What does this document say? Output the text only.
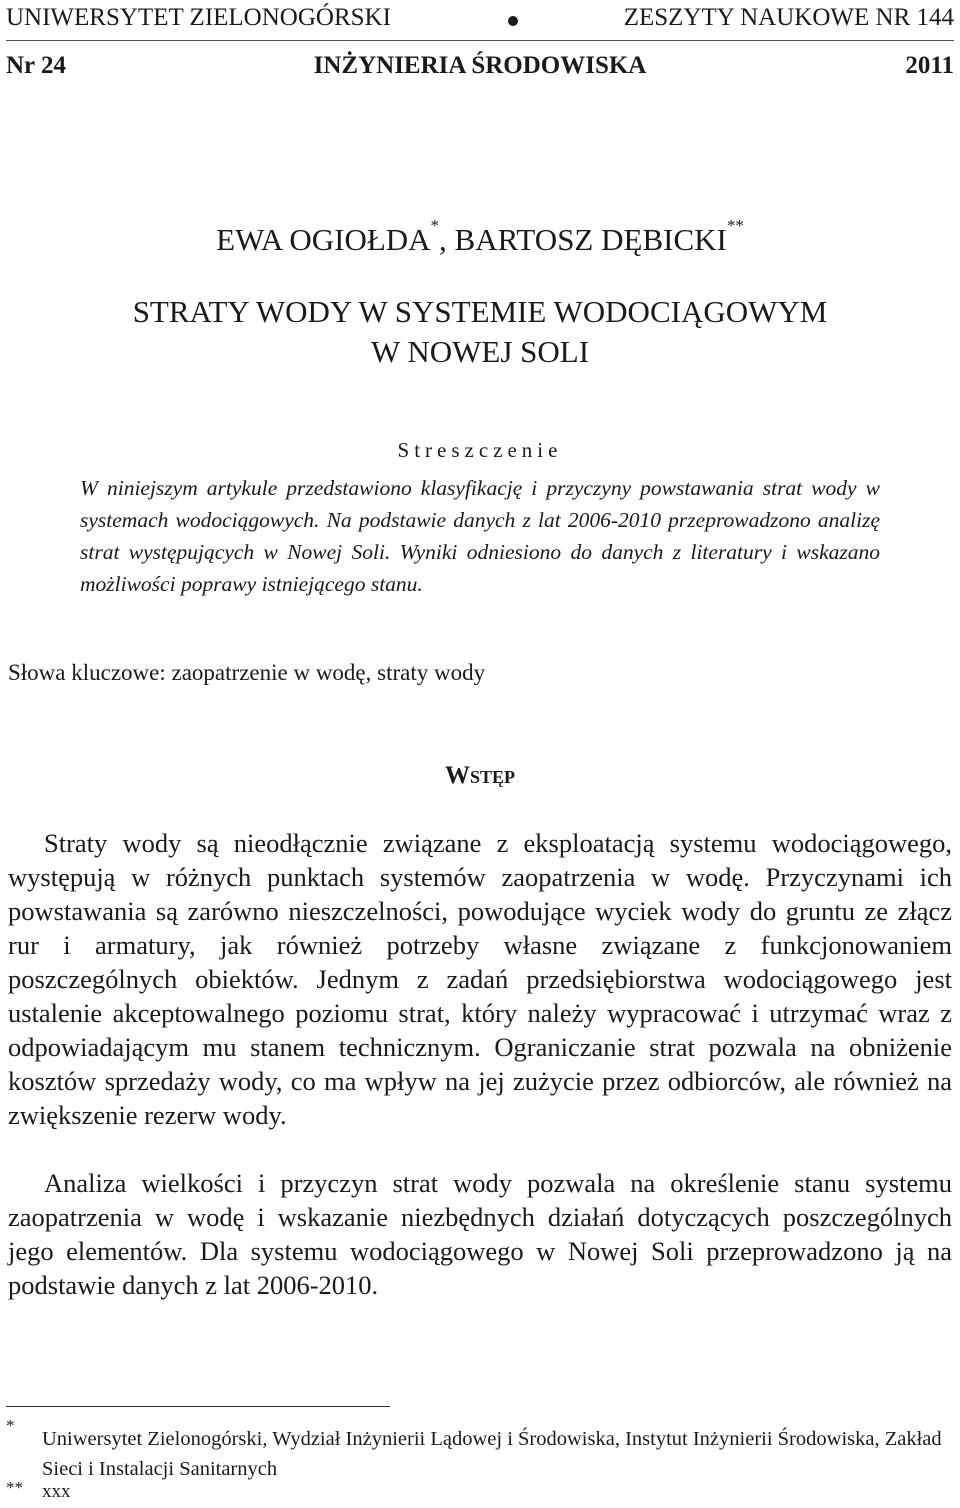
UNIWERSYTET ZIELONOGÓRSKI	ZESZYTY NAUKOWE NR 144
Nr 24	INŻYNIERIA ŚRODOWISKA	2011
EWA OGIOŁDA*, BARTOSZ DĘBICKI**
STRATY WODY W SYSTEMIE WODOCIĄGOWYM
W NOWEJ SOLI
Streszczenie

W niniejszym artykule przedstawiono klasyfikację i przyczyny powstawania strat wody w systemach wodociągowych. Na podstawie danych z lat 2006-2010 przeprowadzono analizę strat występujących w Nowej Soli. Wyniki odniesiono do danych z literatury i wskazano możliwości poprawy istniejącego stanu.

Słowa kluczowe: zaopatrzenie w wodę, straty wody
Wstęp

Straty wody są nieodłącznie związane z eksploatacją systemu wodociągowego, występują w różnych punktach systemów zaopatrzenia w wodę. Przyczynami ich powstawania są zarówno nieszczelności, powodujące wyciek wody do gruntu ze złącz rur i armatury, jak również potrzeby własne związane z funkcjonowaniem poszczególnych obiektów. Jednym z zadań przedsiębiorstwa wodociągowego jest ustalenie akceptowalnego poziomu strat, który należy wypracować i utrzymać wraz z odpowiadającym mu stanem technicznym. Ograniczanie strat pozwala na obniżenie kosztów sprzedaży wody, co ma wpływ na jej zużycie przez odbiorców, ale również na zwiększenie rezerw wody.

Analiza wielkości i przyczyn strat wody pozwala na określenie stanu systemu zaopatrzenia w wodę i wskazanie niezbędnych działań dotyczących poszczególnych jego elementów. Dla systemu wodociągowego w Nowej Soli przeprowadzono ją na podstawie danych z lat 2006-2010.

*
Uniwersytet Zielonogórski, Wydział Inżynierii Lądowej i Środowiska, Instytut Inżynierii Środowiska, Zakład Sieci i Instalacji Sanitarnych
** xxx
